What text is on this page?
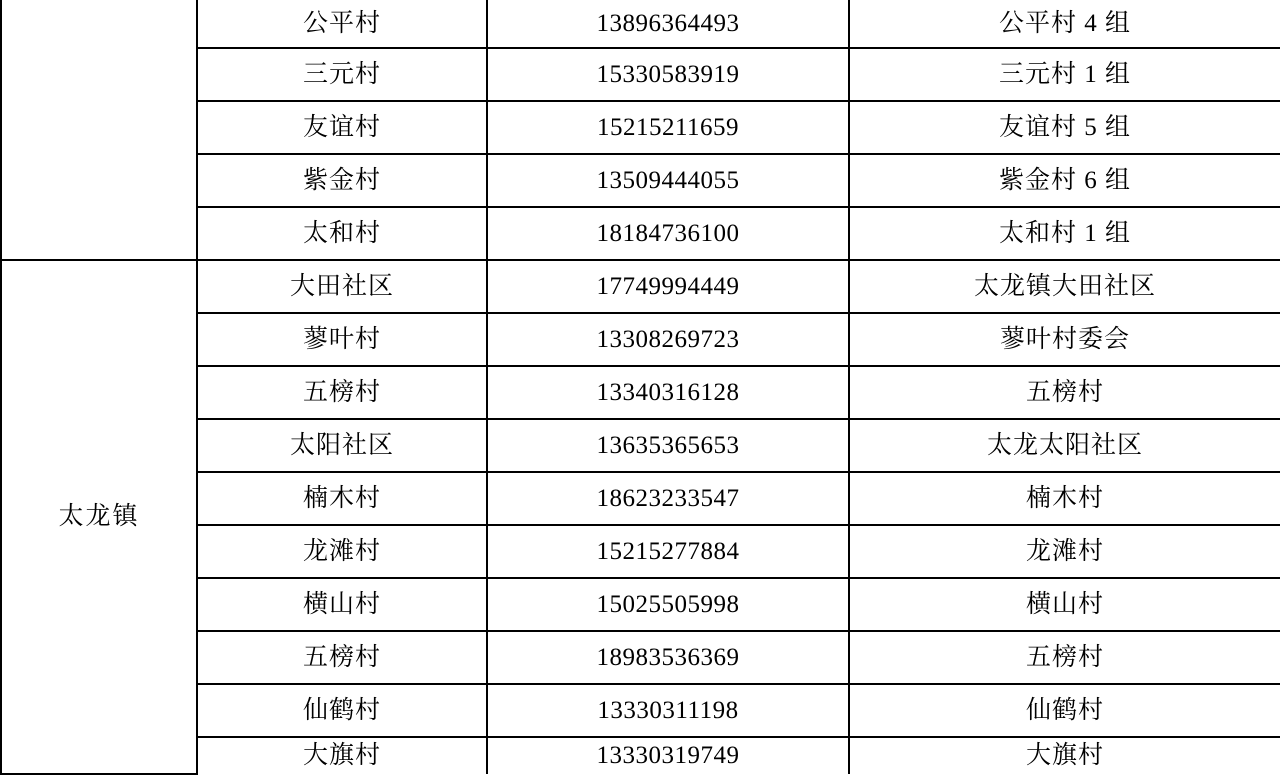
	公平村	13896364493	公平村 4 组
	三元村	15330583919	三元村 1 组
	友谊村	15215211659	友谊村 5 组
	紫金村	13509444055	紫金村 6 组
	太和村	18184736100	太和村 1 组
太龙镇	大田社区	17749994449	太龙镇大田社区
	蓼叶村	13308269723	蓼叶村委会
	五榜村	13340316128	五榜村
	太阳社区	13635365653	太龙太阳社区
	楠木村	18623233547	楠木村
	龙滩村	15215277884	龙滩村
	横山村	15025505998	横山村
	五榜村	18983536369	五榜村
	仙鹤村	13330311198	仙鹤村
	大旗村	13330319749	大旗村
